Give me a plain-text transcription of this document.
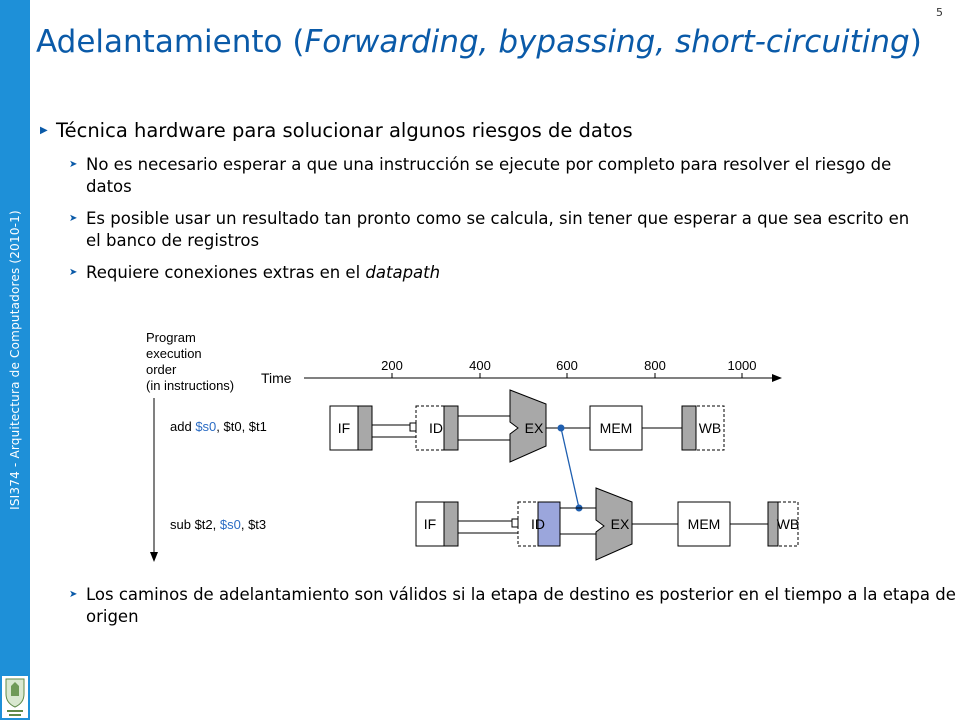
ISI374 - Arquitectura de Computadores (2010-1)
5
Adelantamiento (Forwarding, bypassing, short-circuiting)
▶ Técnica hardware para solucionar algunos riesgos de datos
➤ No es necesario esperar a que una instrucción se ejecute por completo para resolver el riesgo de datos
➤ Es posible usar un resultado tan pronto como se calcula, sin tener que esperar a que sea escrito en el banco de registros
➤ Requiere conexiones extras en el datapath
Program
execution
order
(in instructions) Time
200	400	600	800	1000
add $s0, $t0, $t1
sub $t2, $s0, $t3
IF	ID	EX	MEM	WB
IF	ID	EX	MEM	WB
➤ Los caminos de adelantamiento son válidos si la etapa de destino es posterior en el tiempo a la etapa de origen
